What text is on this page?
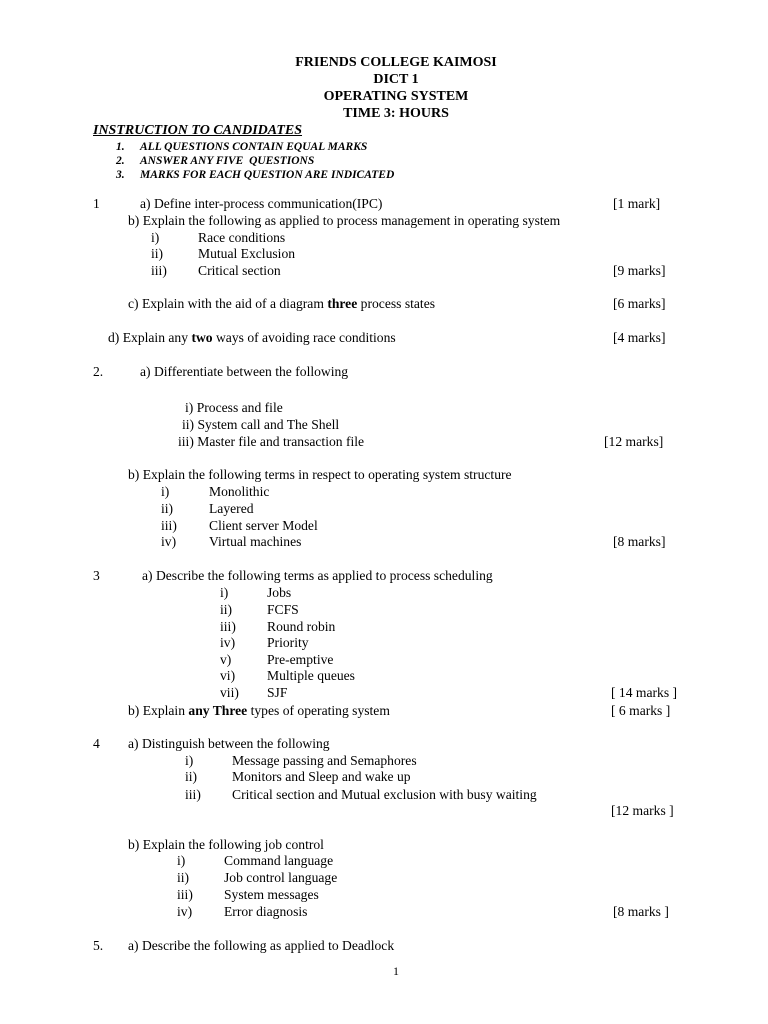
FRIENDS COLLEGE KAIMOSI
DICT 1
OPERATING SYSTEM
TIME 3: HOURS
INSTRUCTION TO CANDIDATES
1. ALL QUESTIONS CONTAIN EQUAL MARKS
2. ANSWER ANY FIVE  QUESTIONS
3. MARKS FOR EACH QUESTION ARE INDICATED
1	a) Define inter-process communication(IPC)	[1 mark]
b) Explain the following as applied to process management in operating system
i)	Race conditions
ii)	Mutual Exclusion
iii) Critical section	[9 marks]
c) Explain with the aid of a diagram three process states	[6 marks]
d) Explain any two ways of avoiding race conditions	[4 marks]
2.	a) Differentiate between the following
i) Process and file
ii) System call and The Shell
iii) Master file and transaction file	[12 marks]
b) Explain the following terms in respect to operating system structure
i)	Monolithic
ii)	Layered
iii) Client server Model
iv) Virtual machines	[8 marks]
3	a) Describe the following terms as applied to process scheduling
i)	Jobs
ii)	FCFS
iii) Round robin
iv) Priority
v)	Pre-emptive
vi) Multiple queues
vii) SJF	[ 14 marks ]
b) Explain any Three types of operating system	[ 6 marks ]
4 a) Distinguish between the following
i)	Message passing and Semaphores
ii)	Monitors and Sleep and wake up
iii) Critical section and Mutual exclusion with busy waiting
[12 marks ]
b) Explain the following job control
i)	Command language
ii)	Job control language
iii) System messages
iv) Error diagnosis	[8 marks ]
5. a) Describe the following as applied to Deadlock
1
